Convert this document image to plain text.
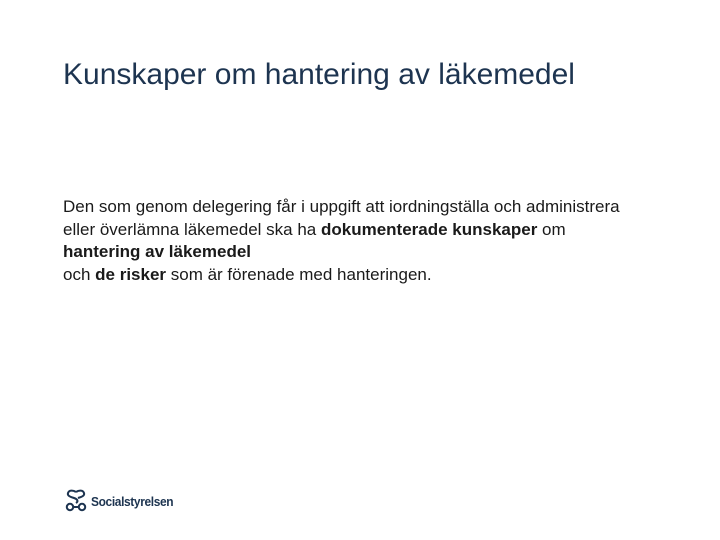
Kunskaper om hantering av läkemedel

Den som genom delegering får i uppgift att iordningställa och administrera eller överlämna läkemedel ska ha dokumenterade kunskaper om hantering av läkemedel
och de risker som är förenade med hanteringen.

Socialstyrelsen
